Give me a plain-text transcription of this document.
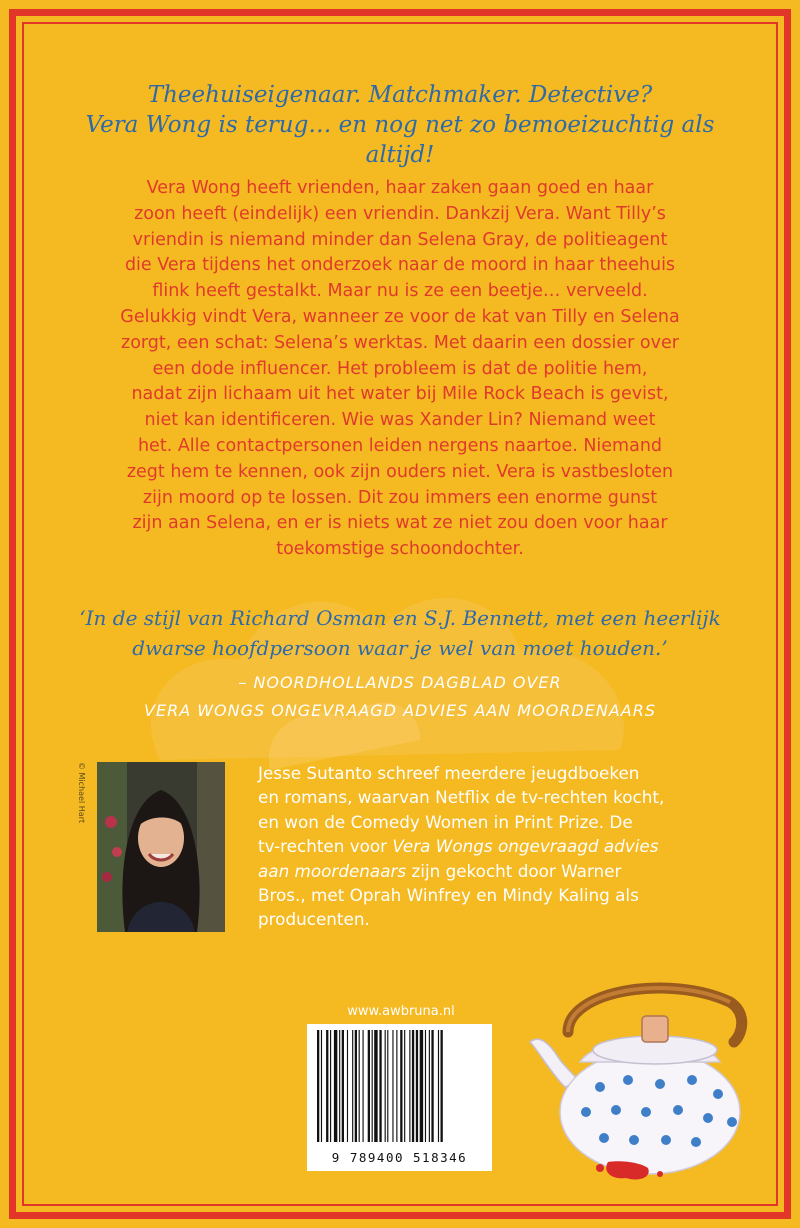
Theehuiseigenaar. Matchmaker. Detective?
Vera Wong is terug… en nog net zo bemoeizuchtig als altijd!
Vera Wong heeft vrienden, haar zaken gaan goed en haar
zoon heeft (eindelijk) een vriendin. Dankzij Vera. Want Tilly’s
vriendin is niemand minder dan Selena Gray, de politieagent
die Vera tijdens het onderzoek naar de moord in haar theehuis
flink heeft gestalkt. Maar nu is ze een beetje… verveeld.
Gelukkig vindt Vera, wanneer ze voor de kat van Tilly en Selena
zorgt, een schat: Selena’s werktas. Met daarin een dossier over
een dode influencer. Het probleem is dat de politie hem,
nadat zijn lichaam uit het water bij Mile Rock Beach is gevist,
niet kan identificeren. Wie was Xander Lin? Niemand weet
het. Alle contactpersonen leiden nergens naartoe. Niemand
zegt hem te kennen, ook zijn ouders niet. Vera is vastbesloten
zijn moord op te lossen. Dit zou immers een enorme gunst
zijn aan Selena, en er is niets wat ze niet zou doen voor haar
toekomstige schoondochter.
‘In de stijl van Richard Osman en S.J. Bennett, met een heerlijk
dwarse hoofdpersoon waar je wel van moet houden.’
– NOORDHOLLANDS DAGBLAD OVER
VERA WONGS ONGEVRAAGD ADVIES AAN MOORDENAARS
© Michael Hart	Jesse Sutanto schreef meerdere jeugdboeken
en romans, waarvan Netflix de tv-rechten kocht,
en won de Comedy Women in Print Prize. De
tv-rechten voor Vera Wongs ongevraagd advies
aan moordenaars zijn gekocht door Warner
Bros., met Oprah Winfrey en Mindy Kaling als
producenten.
www.awbruna.nl
9 789400 518346
